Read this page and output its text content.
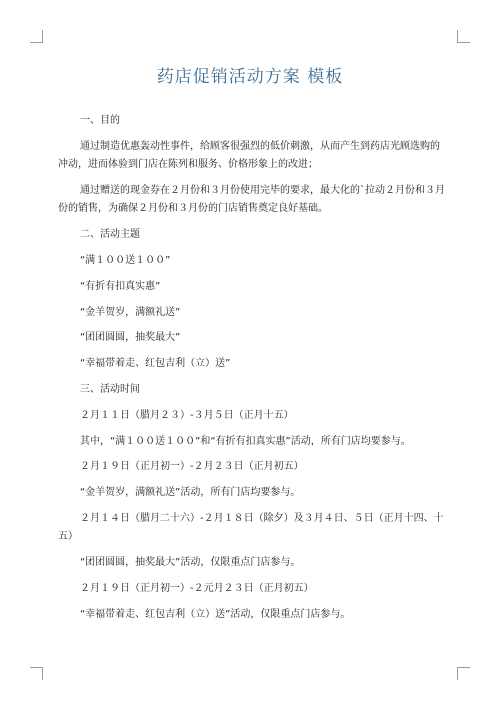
药店促销活动方案 模板

一、目的

通过制造优惠轰动性事件，给顾客很强烈的低价刺激，从而产生到药店光顾选购的冲动，进而体验到门店在陈列和服务、价格形象上的改进；

通过赠送的现金券在２月份和３月份使用完毕的要求，最大化的`拉动２月份和３月份的销售，为确保２月份和３月份的门店销售奠定良好基础。

二、活动主题

“满１００送１００”

“有折有扣真实惠”

“金羊贺岁，满额礼送”

“团团圆圆，抽奖最大”

“幸福带着走、红包吉利（立）送”

三、活动时间

２月１１日（腊月２３）-３月５日（正月十五）

其中，“满１００送１００”和“有折有扣真实惠”活动，所有门店均要参与。

２月１９日（正月初一）-２月２３日（正月初五）

“金羊贺岁，满额礼送”活动，所有门店均要参与。

２月１４日（腊月二十六）-２月１８日（除夕）及３月４日、５日（正月十四、十五）

“团团圆圆，抽奖最大”活动，仅限重点门店参与。

２月１９日（正月初一）-２元月２３日（正月初五）

“幸福带着走、红包吉利（立）送”活动，仅限重点门店参与。
